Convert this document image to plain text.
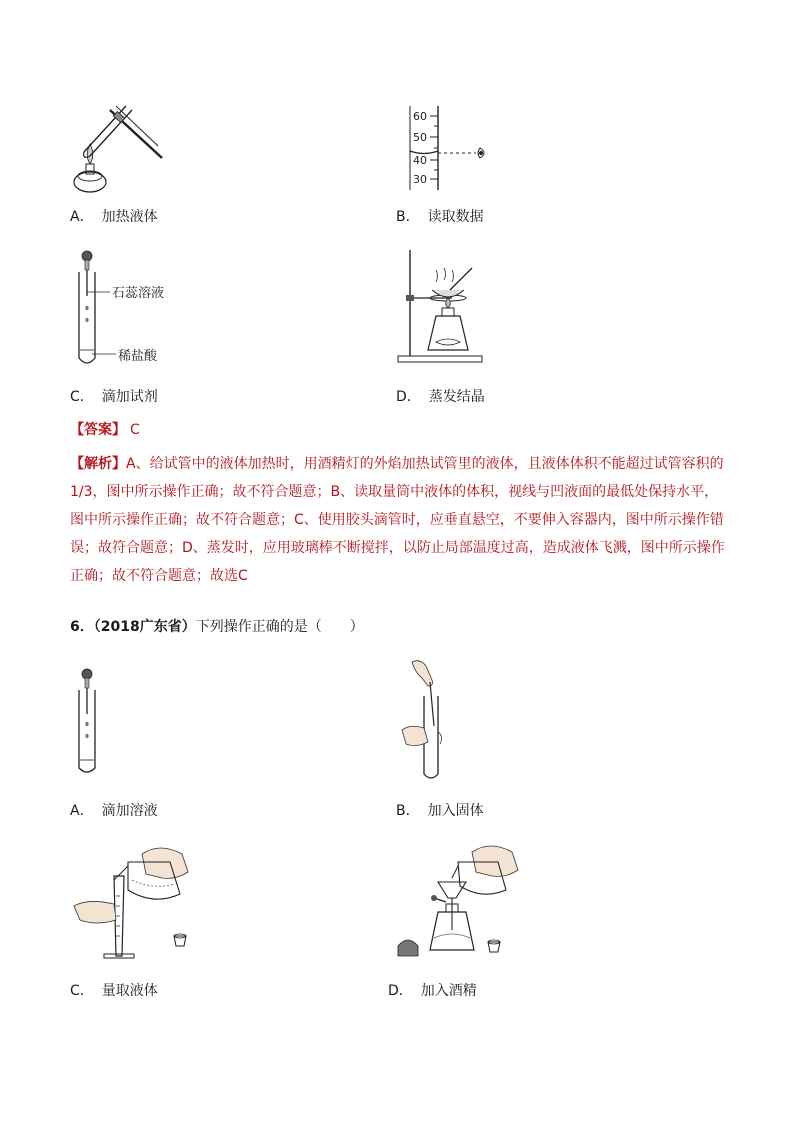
A． 加热液体
60
50
40
30
B． 读取数据
石蕊溶液
稀盐酸
C． 滴加试剂	D． 蒸发结晶
【答案】 C
【解析】A、给试管中的液体加热时，用酒精灯的外焰加热试管里的液体，且液体体积不能超过试管容积的1/3，图中所示操作正确；故不符合题意；B、读取量筒中液体的体积，视线与凹液面的最低处保持水平，图中所示操作正确；故不符合题意；C、使用胶头滴管时，应垂直悬空，不要伸入容器内，图中所示操作错误；故符合题意；D、蒸发时，应用玻璃棒不断搅拌，以防止局部温度过高，造成液体飞溅，图中所示操作正确；故不符合题意；故选C
6．（2018广东省）下列操作正确的是（　　）
A． 滴加溶液	B． 加入固体
C． 量取液体	D． 加入酒精
